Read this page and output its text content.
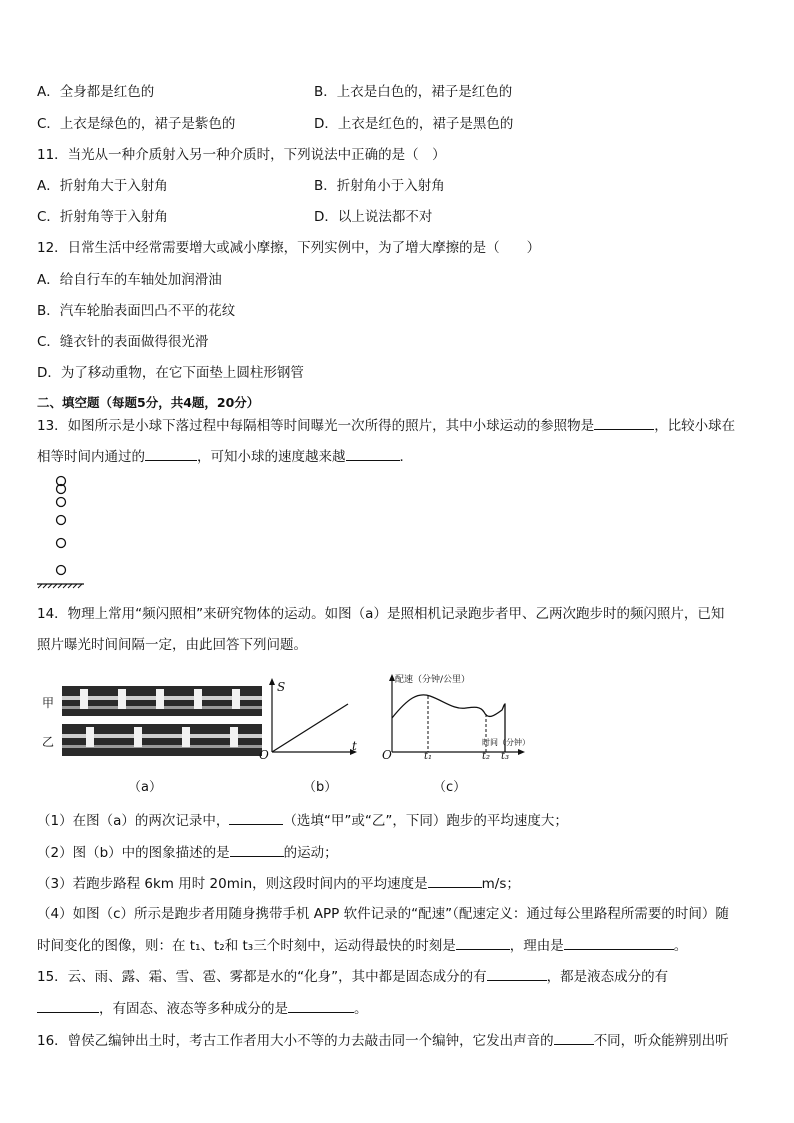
A．全身都是红色的	B．上衣是白色的，裙子是红色的
C．上衣是绿色的，裙子是紫色的	D．上衣是红色的，裙子是黑色的
11．当光从一种介质射入另一种介质时，下列说法中正确的是（　）
A．折射角大于入射角	B．折射角小于入射角
C．折射角等于入射角	D．以上说法都不对
12．日常生活中经常需要增大或减小摩擦，下列实例中，为了增大摩擦的是（　　）
A．给自行车的车轴处加润滑油
B．汽车轮胎表面凹凸不平的花纹
C．缝衣针的表面做得很光滑
D．为了移动重物，在它下面垫上圆柱形钢管
二、填空题（每题5分，共4题，20分）
13．如图所示是小球下落过程中每隔相等时间曝光一次所得的照片，其中小球运动的参照物是	，比较小球在
相等时间内通过的	，可知小球的速度越来越	．
14．物理上常用“频闪照相”来研究物体的运动。如图（a）是照相机记录跑步者甲、乙两次跑步时的频闪照片，已知
照片曝光时间间隔一定，由此回答下列问题。
甲
乙
（a）
S
t
O
（b）
配速（分钟/公里）
时间（分钟）
O	t₁	t₂ t₃
（c）
（1）在图（a）的两次记录中，	（选填“甲”或“乙”，下同）跑步的平均速度大；
（2）图（b）中的图象描述的是	的运动；
（3）若跑步路程 6km 用时 20min，则这段时间内的平均速度是	m/s；
（4）如图（c）所示是跑步者用随身携带手机 APP 软件记录的“配速”（配速定义：通过每公里路程所需要的时间）随
时间变化的图像，则：在 t₁、t₂和 t₃三个时刻中，运动得最快的时刻是	，理由是	。
15．云、雨、露、霜、雪、雹、雾都是水的“化身”，其中都是固态成分的有	，都是液态成分的有
，有固态、液态等多种成分的是	。
16．曾侯乙编钟出土时，考古工作者用大小不等的力去敲击同一个编钟，它发出声音的	不同，听众能辨别出听
